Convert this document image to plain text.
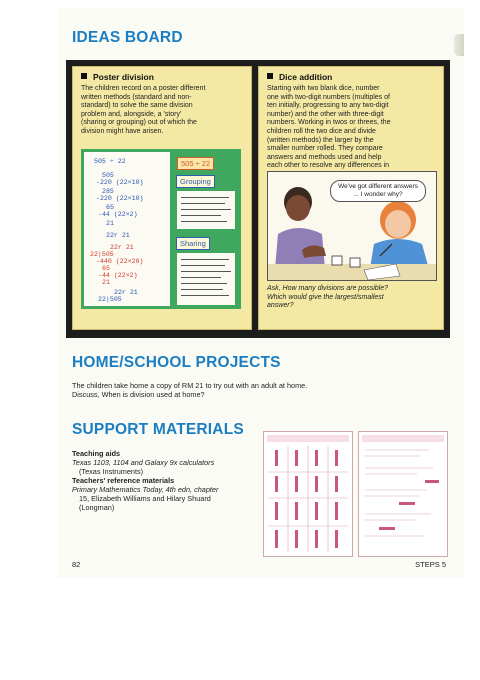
IDEAS BOARD
Poster division
The children record on a poster different
written methods (standard and non-
standard) to solve the same division
problem and, alongside, a 'story'
(sharing or grouping) out of which the
division might have arisen.
505 ÷ 22
505
-220 (22×10)
285
-220 (22×10)
65
-44 (22×2)
21
22r 21
22r 21
22|505
-440 (22×20)
65
-44 (22×2)
21
22r 21
22|505
505 ÷ 22
Grouping
Sharing
Dice addition
Starting with two blank dice, number
one with two-digit numbers (multiples of
ten initially, progressing to any two-digit
number) and the other with three-digit
numbers. Working in twos or threes, the
children roll the two dice and divide
(written methods) the larger by the
smaller number rolled. They compare
answers and methods used and help
each other to resolve any differences in
We've got different answers
... I wonder why?
Ask, How many divisions are possible?
Which would give the largest/smallest
answer?
HOME/SCHOOL PROJECTS
The children take home a copy of RM 21 to try out with an adult at home.
Discuss, When is division used at home?
SUPPORT MATERIALS
Teaching aids
Texas 1103, 1104 and Galaxy 9x calculators
(Texas Instruments)
Teachers' reference materials
Primary Mathematics Today, 4th edn, chapter
15, Elizabeth Williams and Hilary Shuard
(Longman)
82	STEPS 5
